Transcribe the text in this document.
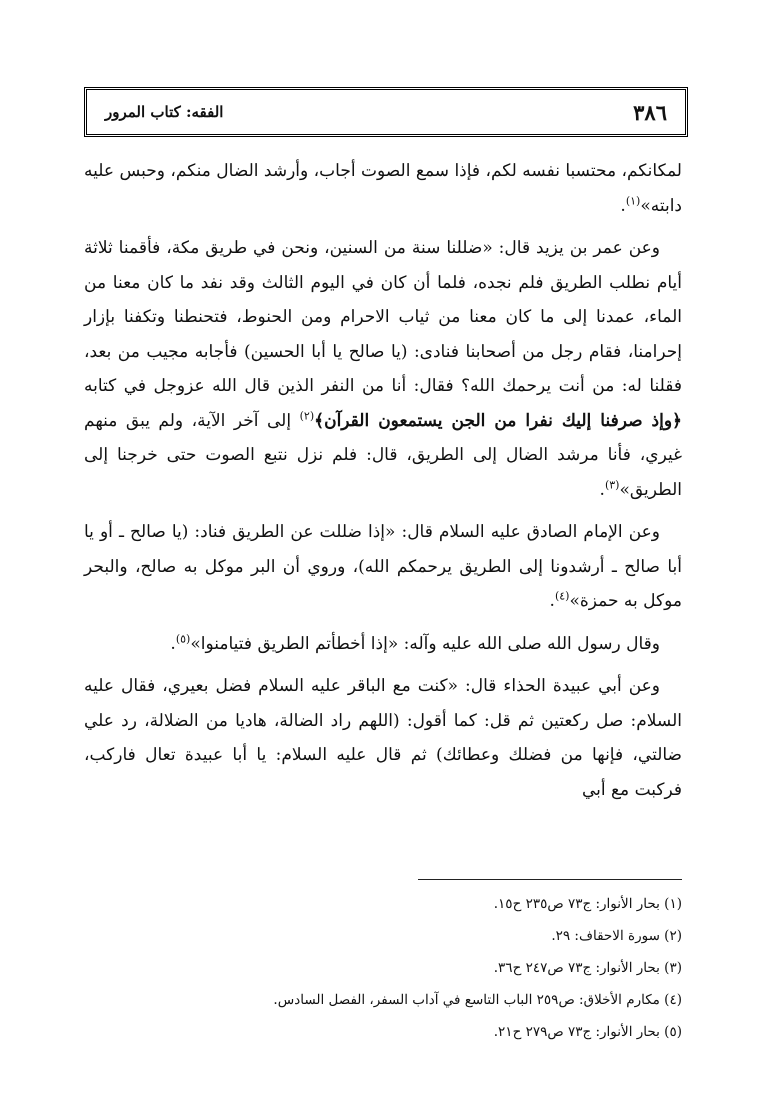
٣٨٦
الفقه: كتاب المرور

لمكانكم، محتسبا نفسه لكم، فإذا سمع الصوت أجاب، وأرشد الضال منكم، وحبس عليه دابته»$^{(١)}$.

وعن عمر بن يزيد قال: «ضللنا سنة من السنين، ونحن في طريق مكة، فأقمنا ثلاثة أيام نطلب الطريق فلم نجده، فلما أن كان في اليوم الثالث وقد نفد ما كان معنا من الماء، عمدنا إلى ما كان معنا من ثياب الاحرام ومن الحنوط، فتحنطنا وتكفنا بإزار إحرامنا، فقام رجل من أصحابنا فنادى: (يا صالح يا أبا الحسين) فأجابه مجيب من بعد، فقلنا له: من أنت يرحمك الله؟ فقال: أنا من النفر الذين قال الله عزوجل في كتابه ﴿وإذ صرفنا إليك نفرا من الجن يستمعون القرآن﴾$^{(٢)}$ إلى آخر الآية، ولم يبق منهم غيري، فأنا مرشد الضال إلى الطريق، قال: فلم نزل نتبع الصوت حتى خرجنا إلى الطريق»$^{(٣)}$.

وعن الإمام الصادق عليه السلام قال: «إذا ضللت عن الطريق فناد: (يا صالح ـ أو يا أبا صالح ـ أرشدونا إلى الطريق يرحمكم الله)، وروي أن البر موكل به صالح، والبحر موكل به حمزة»$^{(٤)}$.

وقال رسول الله صلى الله عليه وآله: «إذا أخطأتم الطريق فتيامنوا»$^{(٥)}$.

وعن أبي عبيدة الحذاء قال: «كنت مع الباقر عليه السلام فضل بعيري، فقال عليه السلام: صل ركعتين ثم قل: كما أقول: (اللهم راد الضالة، هاديا من الضلالة، رد علي ضالتي، فإنها من فضلك وعطائك) ثم قال عليه السلام: يا أبا عبيدة تعال فاركب، فركبت مع أبي

(١) بحار الأنوار: ج٧٣ ص٢٣٥ ح١٥.
(٢) سورة الاحقاف: ٢٩.
(٣) بحار الأنوار: ج٧٣ ص٢٤٧ ح٣٦.
(٤) مكارم الأخلاق: ص٢٥٩ الباب التاسع في آداب السفر، الفصل السادس.
(٥) بحار الأنوار: ج٧٣ ص٢٧٩ ح٢١.
